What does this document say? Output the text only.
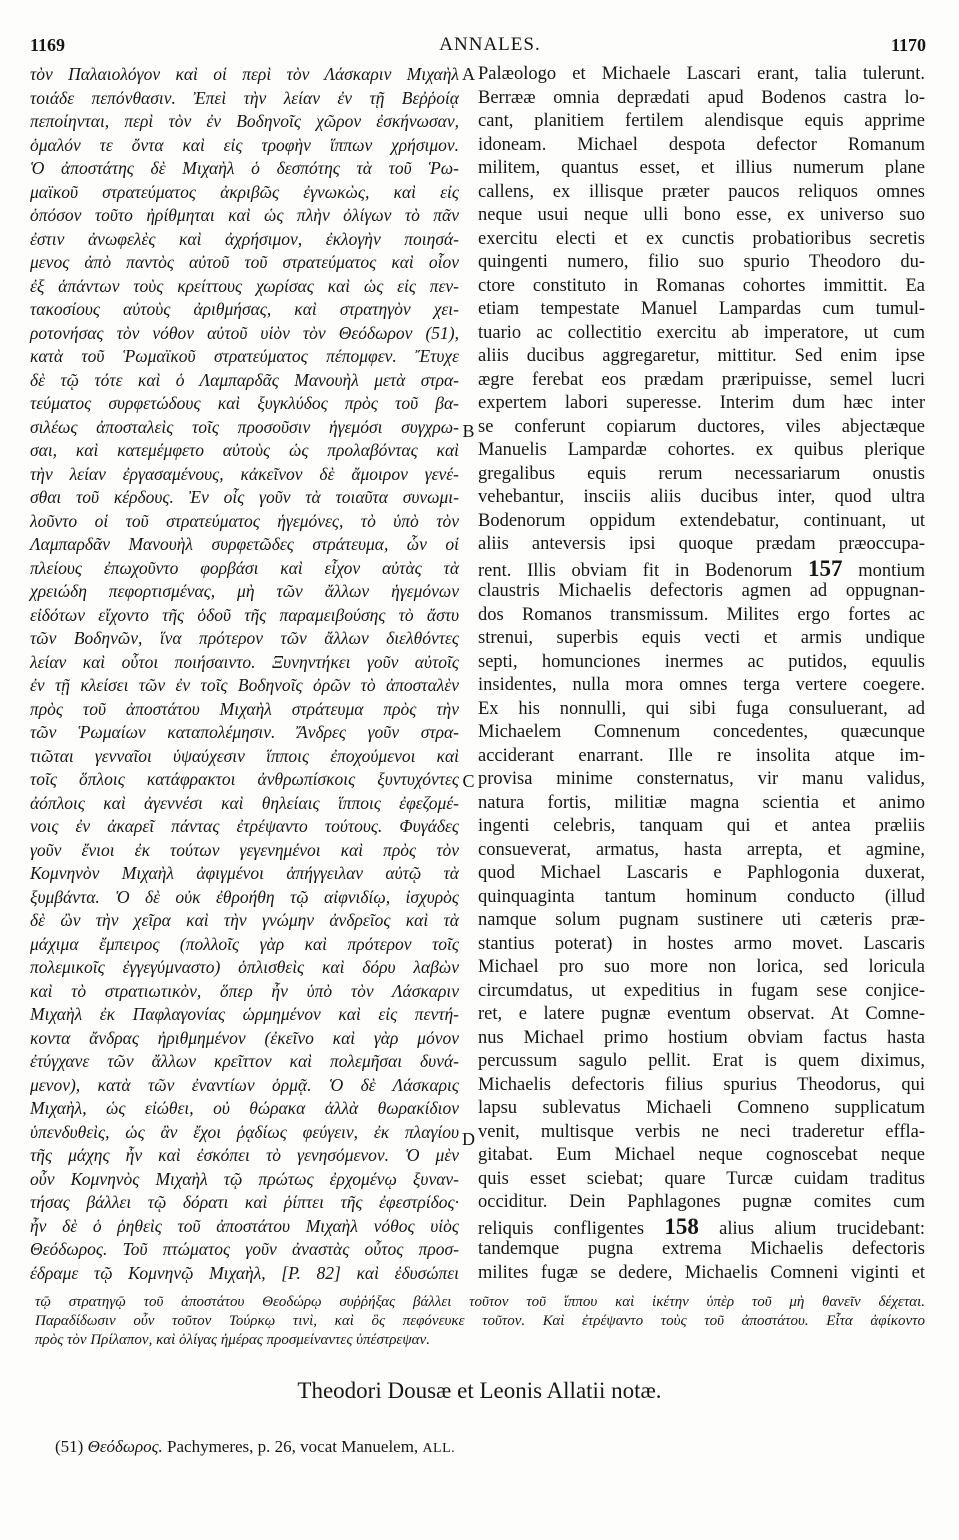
1169	ANNALES.	1170
τὸν Παλαιολόγον καὶ οἱ περὶ τὸν Λάσκαριν Μιχαὴλ
τοιάδε πεπόνθασιν. Ἐπεὶ τὴν λείαν ἐν τῇ Βεῤῥοίᾳ
πεποίηνται, περὶ τὸν ἐν Βοδηνοῖς χῶρον ἐσκήνωσαν,
ὁμαλόν τε ὄντα καὶ εἰς τροφὴν ἵππων χρήσιμον.
Ὁ ἀποστάτης δὲ Μιχαὴλ ὁ δεσπότης τὰ τοῦ Ῥω-
μαϊκοῦ στρατεύματος ἀκριβῶς ἐγνωκὼς, καὶ εἰς
ὁπόσον τοῦτο ἠρίθμηται καὶ ὡς πλὴν ὀλίγων τὸ πᾶν
ἐστιν ἀνωφελὲς καὶ ἀχρήσιμον, ἐκλογὴν ποιησά-
μενος ἀπὸ παντὸς αὐτοῦ τοῦ στρατεύματος καὶ οἷον
ἐξ ἁπάντων τοὺς κρείττους χωρίσας καὶ ὡς εἰς πεν-
τακοσίους αὐτοὺς ἀριθμήσας, καὶ στρατηγὸν χει-
ροτονήσας τὸν νόθον αὐτοῦ υἱὸν τὸν Θεόδωρον (51),
κατὰ τοῦ Ῥωμαϊκοῦ στρατεύματος πέπομφεν. Ἔτυχε
δὲ τῷ τότε καὶ ὁ Λαμπαρδᾶς Μανουὴλ μετὰ στρα-
τεύματος συρφετώδους καὶ ξυγκλύδος πρὸς τοῦ βα-
σιλέως ἀποσταλεὶς τοῖς προσοῦσιν ἡγεμόσι συγχρω-
σαι, καὶ κατεμέμφετο αὐτοὺς ὡς προλαβόντας καὶ
τὴν λείαν ἐργασαμένους, κἀκεῖνον δὲ ἄμοιρον γενέ-
σθαι τοῦ κέρδους. Ἐν οἷς γοῦν τὰ τοιαῦτα συνωμι-
λοῦντο οἱ τοῦ στρατεύματος ἡγεμόνες, τὸ ὑπὸ τὸν
Λαμπαρδᾶν Μανουὴλ συρφετῶδες στράτευμα, ὧν οἱ
πλείους ἐπωχοῦντο φορβάσι καὶ εἶχον αὐτὰς τὰ
χρειώδη πεφορτισμένας, μὴ τῶν ἄλλων ἡγεμόνων
εἰδότων εἴχοντο τῆς ὁδοῦ τῆς παραμειβούσης τὸ ἄστυ
τῶν Βοδηνῶν, ἵνα πρότερον τῶν ἄλλων διελθόντες
λείαν καὶ οὗτοι ποιήσαιντο. Ξυνηντήκει γοῦν αὐτοῖς
ἐν τῇ κλείσει τῶν ἐν τοῖς Βοδηνοῖς ὀρῶν τὸ ἀποσταλὲν
πρὸς τοῦ ἀποστάτου Μιχαὴλ στράτευμα πρὸς τὴν
τῶν Ῥωμαίων καταπολέμησιν. Ἄνδρες γοῦν στρα-
τιῶται γενναῖοι ὑψαύχεσιν ἵπποις ἐποχούμενοι καὶ
τοῖς ὅπλοις κατάφρακτοι ἀνθρωπίσκοις ξυντυχόντες
ἀόπλοις καὶ ἀγεννέσι καὶ θηλείαις ἵπποις ἐφεζομέ-
νοις ἐν ἀκαρεῖ πάντας ἐτρέψαντο τούτους. Φυγάδες
γοῦν ἔνιοι ἐκ τούτων γεγενημένοι καὶ πρὸς τὸν
Κομνηνὸν Μιχαὴλ ἀφιγμένοι ἀπήγγειλαν αὐτῷ τὰ
ξυμβάντα. Ὁ δὲ οὐκ ἐθροήθη τῷ αἰφνιδίῳ, ἰσχυρὸς
δὲ ὢν τὴν χεῖρα καὶ τὴν γνώμην ἀνδρεῖος καὶ τὰ
μάχιμα ἔμπειρος (πολλοῖς γὰρ καὶ πρότερον τοῖς
πολεμικοῖς ἐγγεγύμναστο) ὁπλισθεὶς καὶ δόρυ λαβὼν
καὶ τὸ στρατιωτικὸν, ὅπερ ἦν ὑπὸ τὸν Λάσκαριν
Μιχαὴλ ἐκ Παφλαγονίας ὡρμημένον καὶ εἰς πεντή-
κοντα ἄνδρας ἠριθμημένον (ἐκεῖνο καὶ γὰρ μόνον
ἐτύγχανε τῶν ἄλλων κρεῖττον καὶ πολεμῆσαι δυνά-
μενον), κατὰ τῶν ἐναντίων ὁρμᾷ. Ὁ δὲ Λάσκαρις
Μιχαὴλ, ὡς εἰώθει, οὐ θώρακα ἀλλὰ θωρακίδιον
ὑπενδυθεὶς, ὡς ἂν ἔχοι ῥᾳδίως φεύγειν, ἐκ πλαγίου
τῆς μάχης ἦν καὶ ἐσκόπει τὸ γενησόμενον. Ὁ μὲν
οὖν Κομνηνὸς Μιχαὴλ τῷ πρώτως ἐρχομένῳ ξυναν-
τήσας βάλλει τῷ δόρατι καὶ ῥίπτει τῆς ἐφεστρίδος·
ἦν δὲ ὁ ῥηθεὶς τοῦ ἀποστάτου Μιχαὴλ νόθος υἱὸς
Θεόδωρος. Τοῦ πτώματος γοῦν ἀναστὰς οὗτος προσ-
έδραμε τῷ Κομνηνῷ Μιχαὴλ, [P. 82] καὶ ἐδυσώπει
A
B
C
D
Palæologo et Michaele Lascari erant, talia tulerunt.
Berrææ omnia deprædati apud Bodenos castra lo-
cant, planitiem fertilem alendisque equis apprime
idoneam. Michael despota defector Romanum
militem, quantus esset, et illius numerum plane
callens, ex illisque præter paucos reliquos omnes
neque usui neque ulli bono esse, ex universo suo
exercitu electi et ex cunctis probatioribus secretis
quingenti numero, filio suo spurio Theodoro du-
ctore constituto in Romanas cohortes immittit. Ea
etiam tempestate Manuel Lampardas cum tumul-
tuario ac collectitio exercitu ab imperatore, ut cum
aliis ducibus aggregaretur, mittitur. Sed enim ipse
ægre ferebat eos prædam præripuisse, semel lucri
expertem labori superesse. Interim dum hæc inter
se conferunt copiarum ductores, viles abjectæque
Manuelis Lampardæ cohortes. ex quibus plerique
gregalibus equis rerum necessariarum onustis
vehebantur, insciis aliis ducibus inter, quod ultra
Bodenorum oppidum extendebatur, continuant, ut
aliis anteversis ipsi quoque prædam præoccupa-
rent. Illis obviam fit in Bodenorum 157 montium
claustris Michaelis defectoris agmen ad oppugnan-
dos Romanos transmissum. Milites ergo fortes ac
strenui, superbis equis vecti et armis undique
septi, homunciones inermes ac putidos, equulis
insidentes, nulla mora omnes terga vertere coegere.
Ex his nonnulli, qui sibi fuga consuluerant, ad
Michaelem Comnenum concedentes, quæcunque
acciderant enarrant. Ille re insolita atque im-
provisa minime consternatus, vir manu validus,
natura fortis, militiæ magna scientia et animo
ingenti celebris, tanquam qui et antea præliis
consueverat, armatus, hasta arrepta, et agmine,
quod Michael Lascaris e Paphlogonia duxerat,
quinquaginta tantum hominum conducto (illud
namque solum pugnam sustinere uti cæteris præ-
stantius poterat) in hostes armo movet. Lascaris
Michael pro suo more non lorica, sed loricula
circumdatus, ut expeditius in fugam sese conjice-
ret, e latere pugnæ eventum observat. At Comne-
nus Michael primo hostium obviam factus hasta
percussum sagulo pellit. Erat is quem diximus,
Michaelis defectoris filius spurius Theodorus, qui
lapsu sublevatus Michaeli Comneno supplicatum
venit, multisque verbis ne neci traderetur effla-
gitabat. Eum Michael neque cognoscebat neque
quis esset sciebat; quare Turcæ cuidam traditus
occiditur. Dein Paphlagones pugnæ comites cum
reliquis confligentes 158 alius alium trucidebant:
tandemque pugna extrema Michaelis defectoris
milites fugæ se dedere, Michaelis Comneni viginti et
τῷ στρατηγῷ τοῦ ἀποστάτου Θεοδώρῳ συῤῥήξας βάλλει τοῦτον τοῦ ἵππου καὶ ἱκέτην ὑπὲρ τοῦ μὴ θανεῖν δέχεται.
Παραδίδωσιν οὖν τοῦτον Τούρκῳ τινὶ, καὶ ὃς πεφόνευκε τοῦτον. Καὶ ἐτρέψαντο τοὺς τοῦ ἀποστάτου. Εἶτα ἀφίκοντο
πρὸς τὸν Πρίλαπον, καὶ ὀλίγας ἡμέρας προσμείναντες ὑπέστρεψαν.
Theodori Dousæ et Leonis Allatii notæ.
(51) Θεόδωρος. Pachymeres, p. 26, vocat Manuelem, ALL.
